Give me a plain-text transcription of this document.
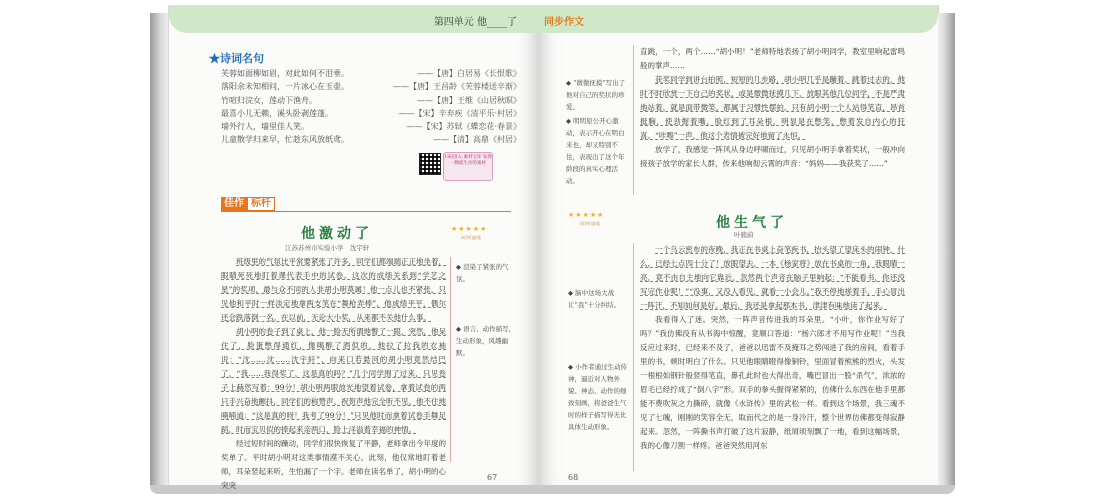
第四单元 他____了
★诗词名句
芙蓉如面柳如眉，对此如何不泪垂。	——【唐】白居易《长恨歌》
落阳余未知相问，一片冰心在玉壶。	——【唐】王昌龄《芙蓉楼送辛渐》
竹喧归浣女，莲动下渔舟。	——【唐】王维《山居秋暝》
最喜小儿无赖，溪头卧剥莲蓬。	——【宋】辛弃疾《清平乐·村居》
墙外行人，墙里佳人笑。	——【宋】苏轼《蝶恋花·春景》
儿童散学归来早，忙趁东风放纸鸢。	——【清】高鼎《村居》
扫码进入 素材宝库 发现一颗最生动的素材
佳作 标杆
他激动了	★★★★★
同学们最爱
江苏苏州市实验小学　沈宇轩

班级里的气氛比平常要紧张了许多，同学们都端端正正地坐着，眼睛死死地盯着课代表手中的试卷。这次的成绩关系到“学艺之星”的奖项，最与众不同的人非胡小明莫属！他一点儿也不紧张，只见他和平时一样淡定地拿两支笔在“舞枪弄棒”，他成绩平平，偶尔还会跌落倒一名。在以前，无论大小奖，从来都不关他什么事。

胡小明的卷子到了桌上，他一脸无所谓地瞥了一眼，突然，他呆住了，脸蛋憋得通红，像喝醉了酒似的，他拉了拉我的衣袖说：“沈……沈……沈宇轩”，向来口若悬河的胡小明竟然结巴了，“我……我得奖了，这是真的吗？”几个同学围了过来，只见卷子上赫然写着：99分！胡小明两眼放光地望着试卷，拿着试卷的两只手兴奋地颤抖，同学们的称赞声、祝贺声他完全听不见。他不住地喃喃道：“这是真的呀！我考了99分！”只见他时而拿着试卷手舞足蹈，时而宝贝似的捧起来亲两口，脸上洋溢着幸福的神情。

经过短时间的躁动，同学们很快恢复了平静，老师拿出今年度的奖单了。平时胡小明对这类事情漠不关心，此刻，他仅常地盯着老师，耳朵竖起来听，生怕漏了一个字。老师在读名单了，胡小明的心突突

◆ 渲染了紧张的气氛。
◆ 语言、动作描写，生动形象，风趣幽默。
67
同步作文
◆ “微微抚摸”写出了他对自己的奖状的珍爱。
◆ 明明原公开心激动，表示开心在明白来也，却又特别不住，表现出了这个年龄段的真实心理活动。

直跳，一个，两个……“胡小明！”老师特地表扬了胡小明同学，教室里响起雷鸣般的掌声……

获奖同学到讲台拍照，短短的几步路，胡小明几乎是蹦着、跳着过去的，他时不时欣赏一下自己的奖状，或是微微抚摸几下，放眼其他几位同学，不是严肃地站着，就是面带微笑，都属于习惯性摆拍。只有胡小明一个人站得笔直，昂首挺胸，使劲握着嘴，脸红到了耳朵根，明显是在憋笑，憋着发自内心的狂喜。“咔嚓”一声，他这个表情被完好地留了永恒。

放学了，我感觉一阵风从身边呼啸而过，只见胡小明手拿着奖状，一般冲向接孩子放学的家长人群，传来他响彻云霄的声音：“妈妈——我获奖了……”

★★★★★
同学们最爱	他生气了
叶簇蔚
◆ 脑中这场大战让“我”十分纠结。
◆ 小作者通过生动传神，逼近对人物外貌、神态、动作的细致刻画，将爸爸生气时的样子描写得无比具体生动形象。

一个乌云密布的夜晚，我正在书桌上奋笔疾书，抬头望了望床头的闹钟，什么，已经七点四十分了！放眼望去，一本《杨家将》放在书桌的一角，我眼睛一亮，竟不由自主地向它靠近。忽然两个声音在脑子里响起：“不能看书，你还没写完作业呢！”“没事，又没人看见，就看一小会儿。”我不停地搓着手，手心冒出一阵汗，不知如何是好。最后，我还是拿起那本书，津津有味地读了起来。

我看得入了迷。突然，一阵声音传进我的耳朵里。“小叶，你作业写好了吗？”我仿佛没有从书海中惊醒，竟顺口答道：“杨六郎才不用写作业呢！”当我反应过来时，已经来不及了，爸爸以迅雷不及掩耳之势闯进了我的房间，看着手里的书，顿时明白了什么。只见他眼睛瞪得像铜铃，里面冒着熊熊的烈火，头发一根根如钢针般竖得笔直，鼻孔此时也大得出奇，嘴巴冒出一股“杀气”，浓浓的眉毛已经拧成了“倒八字”形。双手的拳头握得紧紧的，仿佛什么东西在他手里都能不费吹灰之力撕碎，就像《水浒传》里的武松一样。看到这个场景，我三魂不见了七魄，刚刚的笑容全无，取而代之的是一身冷汗，整个世界仿佛都变得寂静起来。忽然，一阵撕书声打破了这片寂静，纸屑顷刻飘了一地，看到这幅场景，我的心像刀割一样疼。爸爸突然用河东

68
